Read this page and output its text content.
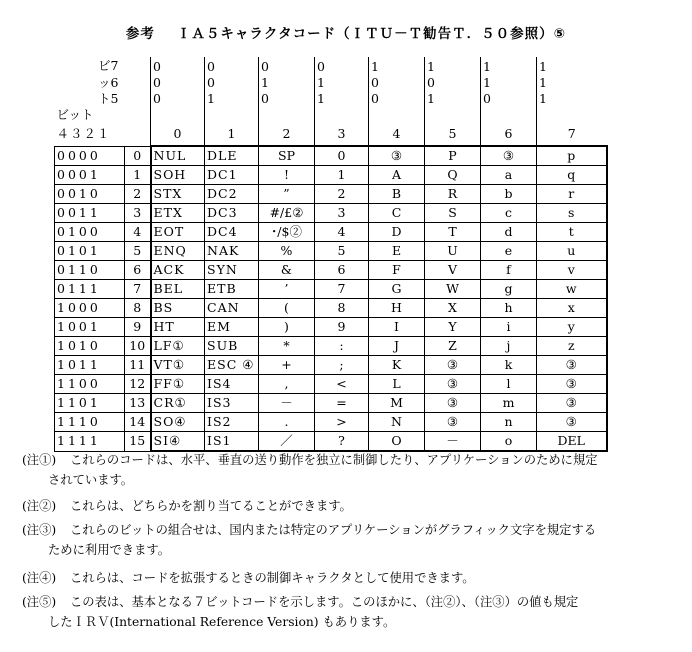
参考 ＩＡ５キャラクタコード（ＩＴＵ－Ｔ勧告Ｔ．５０参照）⑤
ビ7		0	0	0	0	1	1	1	1
ッ6		0	0	1	1	0	0	1	1
ト5		0	1	0	1	0	1	0	1
ビット									
４３２１		0	1	2	3	4	5	6	7
0000	0	NUL	DLE	SP	0	③	P	③	p
0001	1	SOH	DC1	!	1	A	Q	a	q
0010	2	STX	DC2	”	2	B	R	b	r
0011	3	ETX	DC3	#/£②	3	C	S	c	s
0100	4	EOT	DC4	･/$②	4	D	T	d	t
0101	5	ENQ	NAK	%	5	E	U	e	u
0110	6	ACK	SYN	&	6	F	V	f	v
0111	7	BEL	ETB	’	7	G	W	g	w
1000	8	BS	CAN	(	8	H	X	h	x
1001	9	HT	EM	)	9	I	Y	i	y
1010	10	LF①	SUB	*	:	J	Z	j	z
1011	11	VT①	ESC ④	+	;	K	③	k	③
1100	12	FF①	IS4	,	<	L	③	l	③
1101	13	CR①	IS3	－	=	M	③	m	③
1110	14	SO④	IS2	.	>	N	③	n	③
1111	15	SI④	IS1	／	?	O	－	o	DEL
(注①) これらのコードは、水平、垂直の送り動作を独立に制御したり、アプリケーションのために規定
されています。
(注②) これらは、どちらかを割り当てることができます。
(注③) これらのビットの組合せは、国内または特定のアプリケーションがグラフィック文字を規定する
ために利用できます。
(注④) これらは、コードを拡張するときの制御キャラクタとして使用できます。
(注⑤) この表は、基本となる７ビットコードを示します。このほかに、（注②）、（注③）の値も規定
したＩＲＶ(International Reference Version) もあります。
